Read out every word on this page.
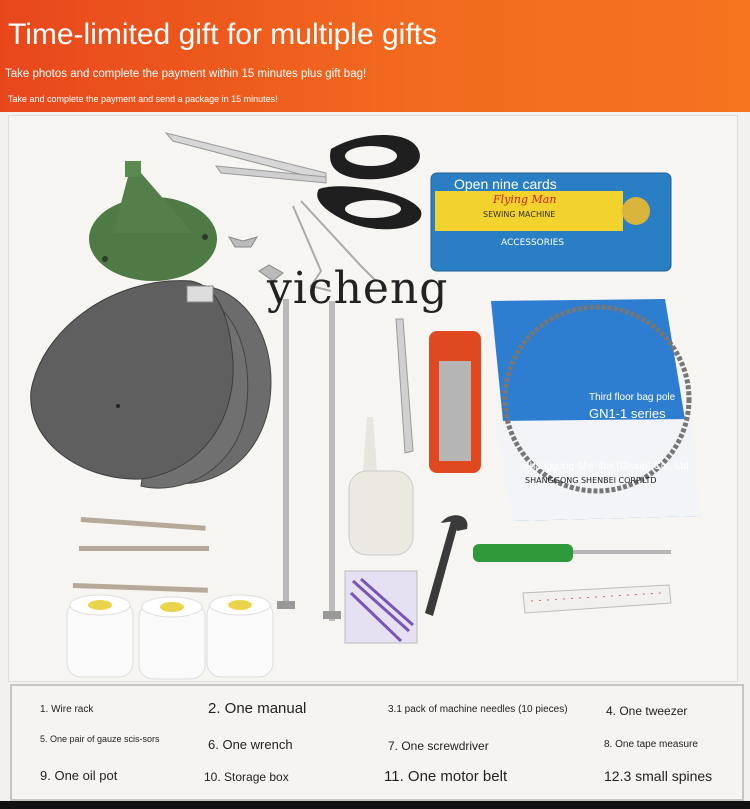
Time-limited gift for multiple gifts
Take photos and complete the payment within 15 minutes plus gift bag!
Take and complete the payment and send a package in 15 minutes!
Flying Man
SEWING MACHINE
ACCESSORIES
SHANGGONG SHENBEI CORP.LTD
yicheng
Open nine cards
Third floor bag pole
GN1-1 series
Shanggong Shenbei (Group) Co., Ltd.
1. Wire rack	2. One manual	3.1 pack of machine needles (10 pieces)	4. One tweezer
5. One pair of gauze scis-sors	6. One wrench	7. One screwdriver	8. One tape measure
9. One oil pot	10. Storage box	11. One motor belt	12.3 small spines
